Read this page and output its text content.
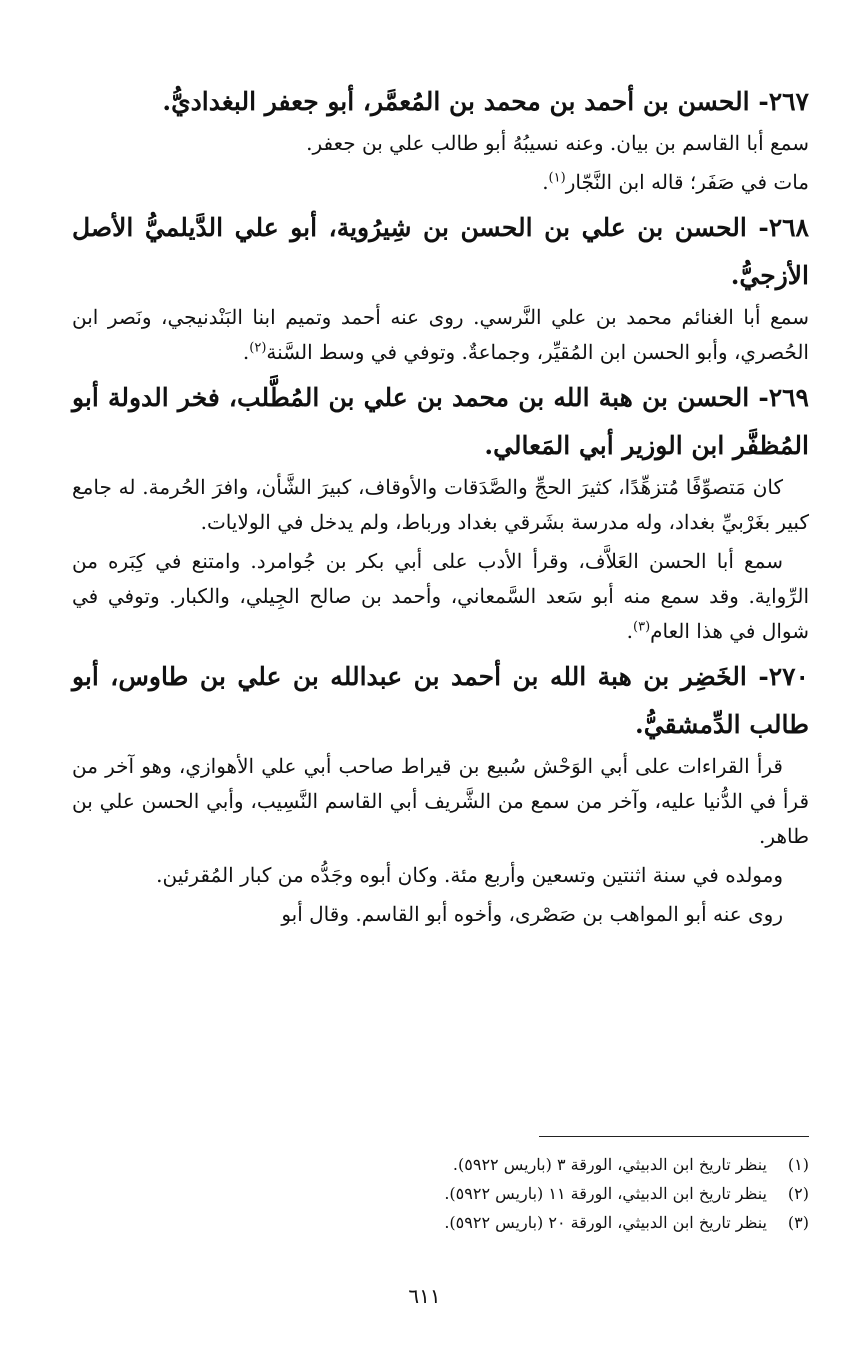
٢٦٧- الحسن بن أحمد بن محمد بن المُعمَّر، أبو جعفر البغداديُّ.

سمع أبا القاسم بن بيان. وعنه نسيبُهُ أبو طالب علي بن جعفر.

مات في صَفَر؛ قاله ابن النَّجّار$^{(١)}$.

٢٦٨- الحسن بن علي بن الحسن بن شِيرُوية، أبو علي الدَّيلميُّ الأصل الأزجيُّ.

سمع أبا الغنائم محمد بن علي النَّرسي. روى عنه أحمد وتميم ابنا البَنْدنيجي، ونَصر ابن الحُصري، وأبو الحسن ابن المُقيِّر، وجماعةٌ. وتوفي في وسط السَّنة$^{(٢)}$.

٢٦٩- الحسن بن هبة الله بن محمد بن علي بن المُطَّلب، فخر الدولة أبو المُظفَّر ابن الوزير أبي المَعالي.

كان مَتصوِّفًا مُتزهِّدًا، كثيرَ الحجِّ والصَّدَقات والأوقاف، كبيرَ الشَّأن، وافرَ الحُرمة. له جامع كبير بغَرْبيِّ بغداد، وله مدرسة بشَرقي بغداد ورباط، ولم يدخل في الولايات.

سمع أبا الحسن العَلاَّف، وقرأ الأدب على أبي بكر بن جُوامرد. وامتنع في كِبَره من الرِّواية. وقد سمع منه أبو سَعد السَّمعاني، وأحمد بن صالح الجِيلي، والكبار. وتوفي في شوال في هذا العام$^{(٣)}$.

٢٧٠- الخَضِر بن هبة الله بن أحمد بن عبدالله بن علي بن طاوس، أبو طالب الدِّمشقيُّ.

قرأ القراءات على أبي الوَحْش سُبيع بن قيراط صاحب أبي علي الأهوازي، وهو آخر من قرأ في الدُّنيا عليه، وآخر من سمع من الشَّريف أبي القاسم النَّسِيب، وأبي الحسن علي بن طاهر.

ومولده في سنة اثنتين وتسعين وأربع مئة. وكان أبوه وجَدُّه من كبار المُقرئين.

روى عنه أبو المواهب بن صَصْرى، وأخوه أبو القاسم. وقال أبو

(١)
ينظر تاريخ ابن الدبيثي، الورقة ٣ (باريس ٥٩٢٢).
(٢)
ينظر تاريخ ابن الدبيثي، الورقة ١١ (باريس ٥٩٢٢).
(٣)
ينظر تاريخ ابن الدبيثي، الورقة ٢٠ (باريس ٥٩٢٢).
٦١١
